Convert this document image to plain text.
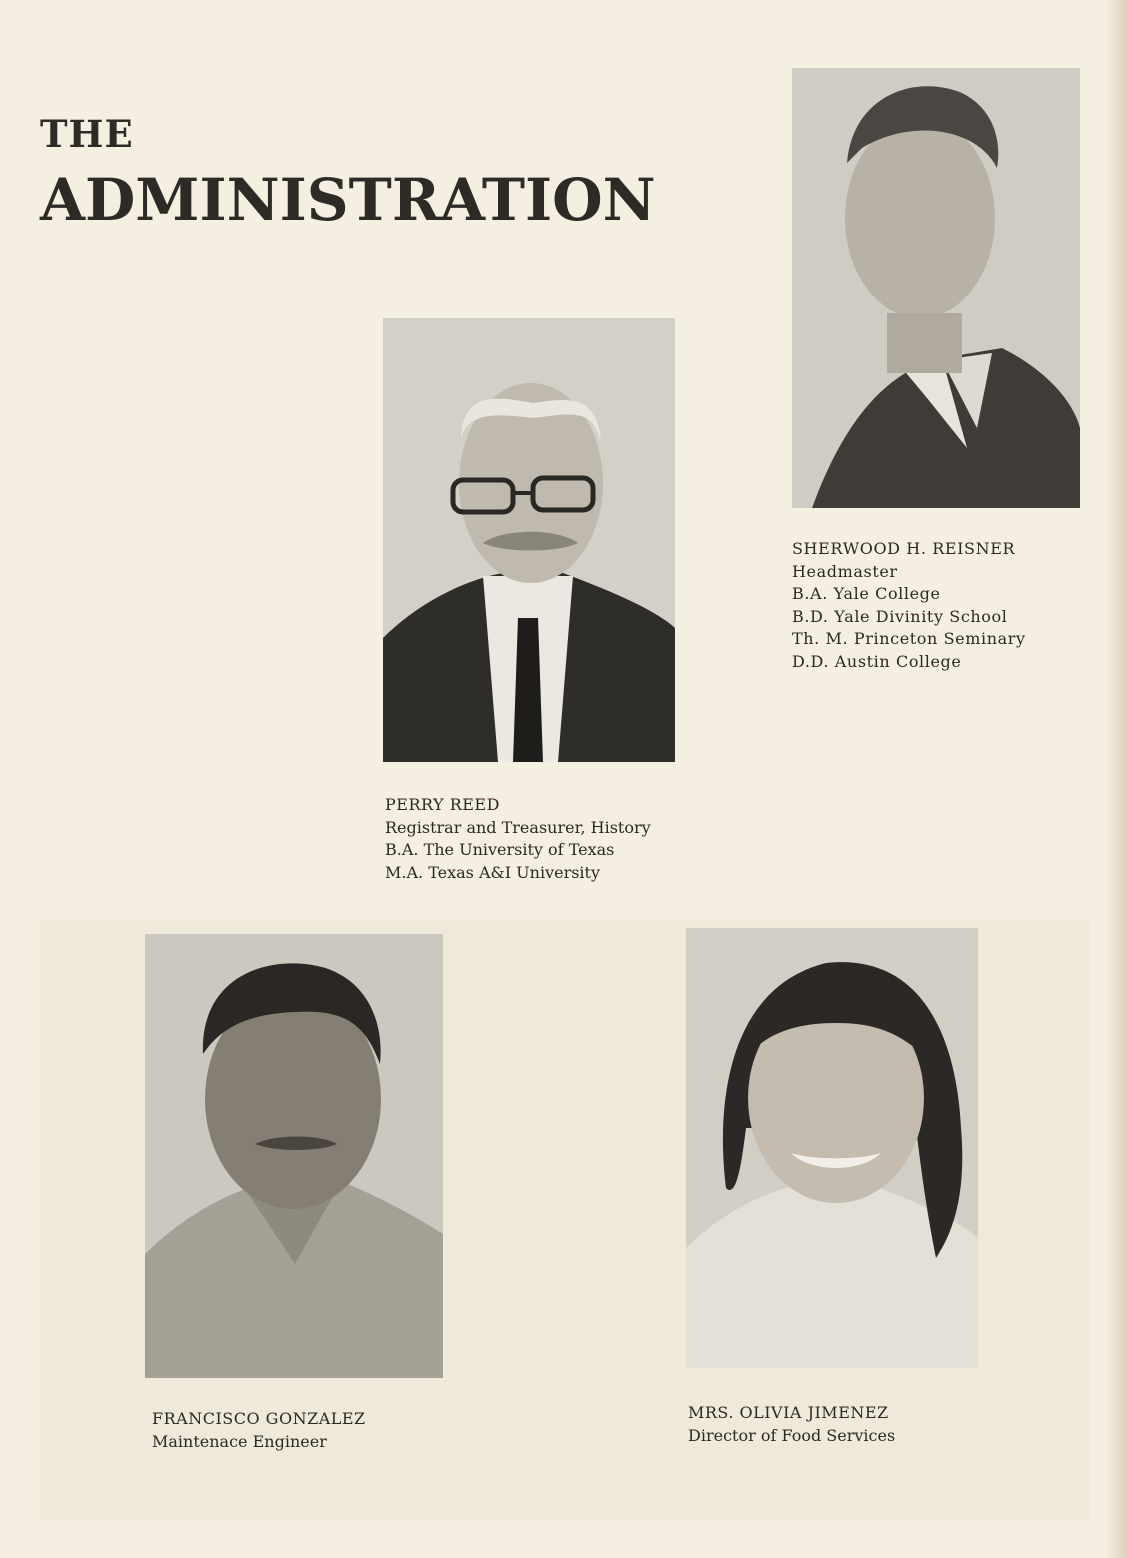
THE
ADMINISTRATION
SHERWOOD H. REISNER
Headmaster
B.A. Yale College
B.D. Yale Divinity School
Th. M. Princeton Seminary
D.D. Austin College
PERRY REED
Registrar and Treasurer, History
B.A. The University of Texas
M.A. Texas A&I University
FRANCISCO GONZALEZ
Maintenace Engineer
MRS. OLIVIA JIMENEZ
Director of Food Services
